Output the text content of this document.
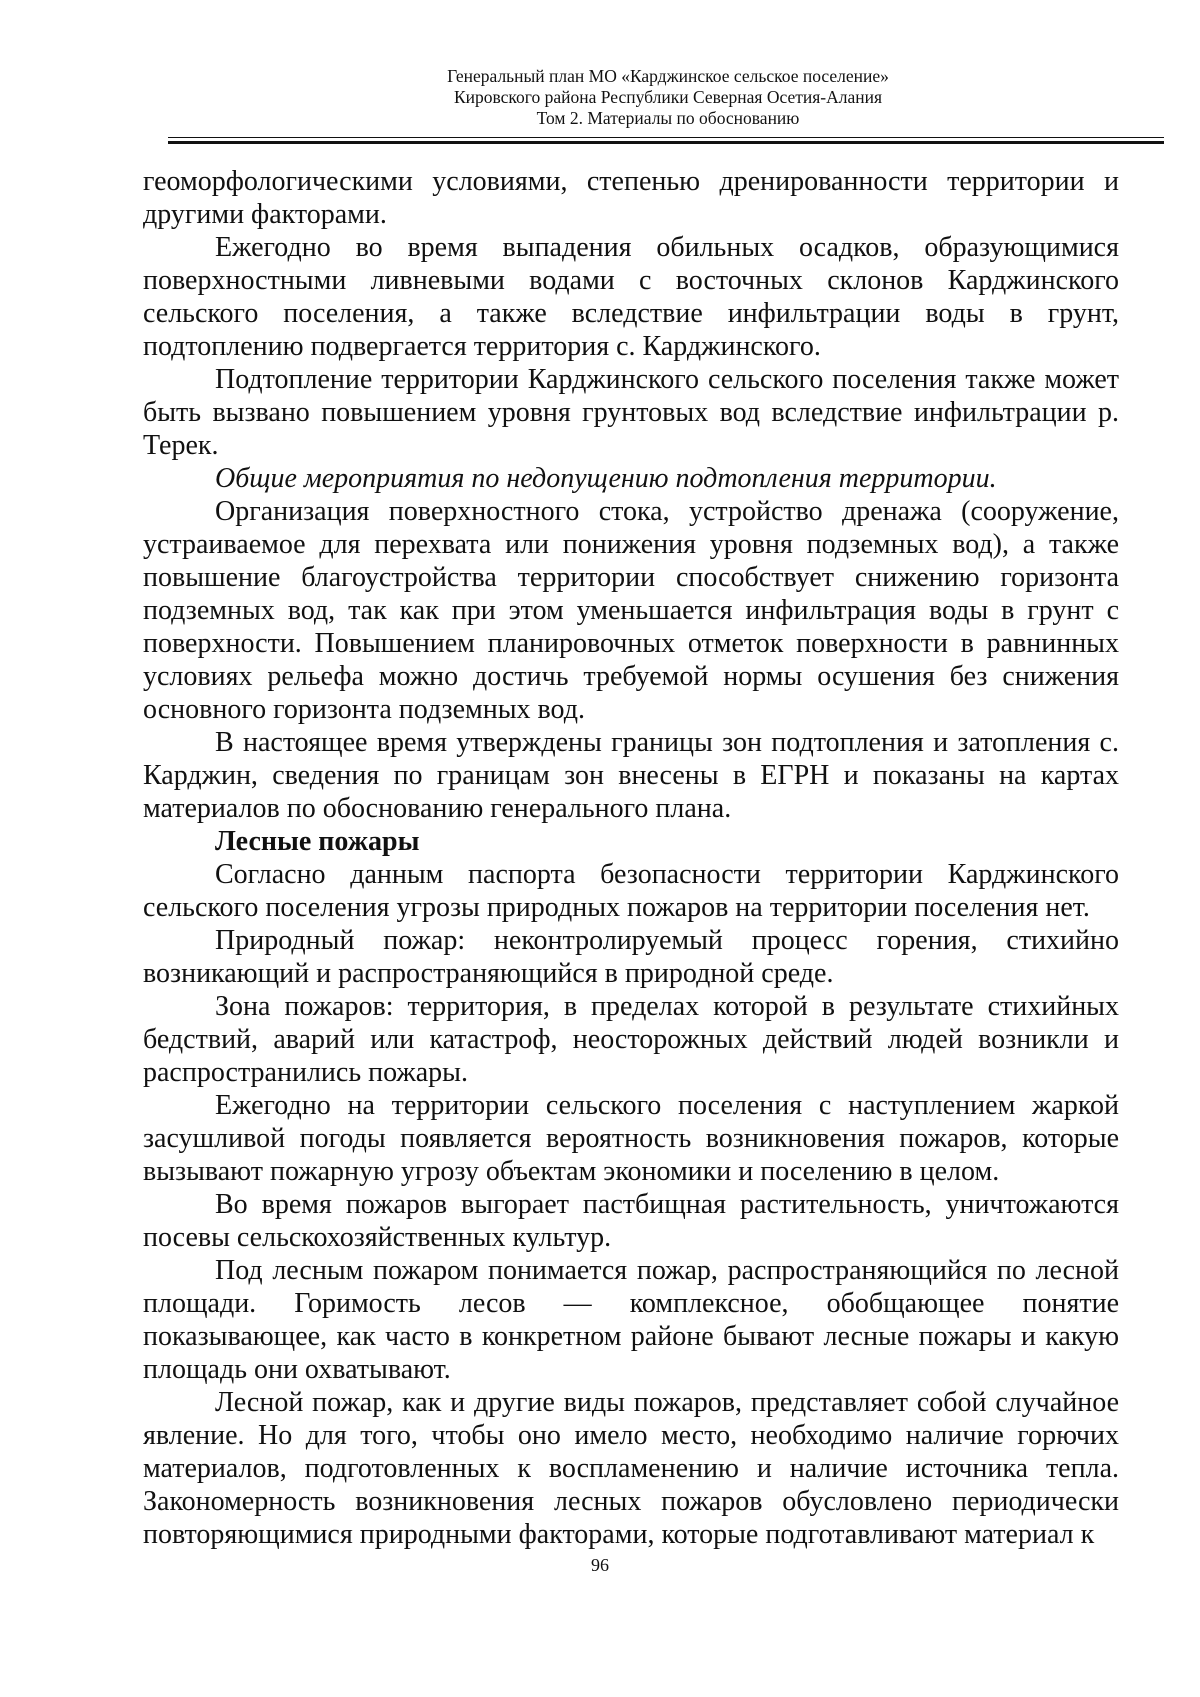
Генеральный план МО «Карджинское сельское поселение»
Кировского района Республики Северная Осетия-Алания
Том 2. Материалы по обоснованию

геоморфологическими условиями, степенью дренированности территории и другими факторами.

Ежегодно во время выпадения обильных осадков, образующимися поверхностными ливневыми водами с восточных склонов Карджинского сельского поселения, а также вследствие инфильтрации воды в грунт, подтоплению подвергается территория с. Карджинского.

Подтопление территории Карджинского сельского поселения также может быть вызвано повышением уровня грунтовых вод вследствие инфильтрации р. Терек.

Общие мероприятия по недопущению подтопления территории.

Организация поверхностного стока, устройство дренажа (сооружение, устраиваемое для перехвата или понижения уровня подземных вод), а также повышение благоустройства территории способствует снижению горизонта подземных вод, так как при этом уменьшается инфильтрация воды в грунт с поверхности. Повышением планировочных отметок поверхности в равнинных условиях рельефа можно достичь требуемой нормы осушения без снижения основного горизонта подземных вод.

В настоящее время утверждены границы зон подтопления и затопления с. Карджин, сведения по границам зон внесены в ЕГРН и показаны на картах материалов по обоснованию генерального плана.

Лесные пожары

Согласно данным паспорта безопасности территории Карджинского сельского поселения угрозы природных пожаров на территории поселения нет.

Природный пожар: неконтролируемый процесс горения, стихийно возникающий и распространяющийся в природной среде.

Зона пожаров: территория, в пределах которой в результате стихийных бедствий, аварий или катастроф, неосторожных действий людей возникли и распространились пожары.

Ежегодно на территории сельского поселения с наступлением жаркой засушливой погоды появляется вероятность возникновения пожаров, которые вызывают пожарную угрозу объектам экономики и поселению в целом.

Во время пожаров выгорает пастбищная растительность, уничтожаются посевы сельскохозяйственных культур.

Под лесным пожаром понимается пожар, распространяющийся по лесной площади. Горимость лесов — комплексное, обобщающее понятие показывающее, как часто в конкретном районе бывают лесные пожары и какую площадь они охватывают.

Лесной пожар, как и другие виды пожаров, представляет собой случайное явление. Но для того, чтобы оно имело место, необходимо наличие горючих материалов, подготовленных к воспламенению и наличие источника тепла. Закономерность возникновения лесных пожаров обусловлено периодически повторяющимися природными факторами, которые подготавливают материал к

96
